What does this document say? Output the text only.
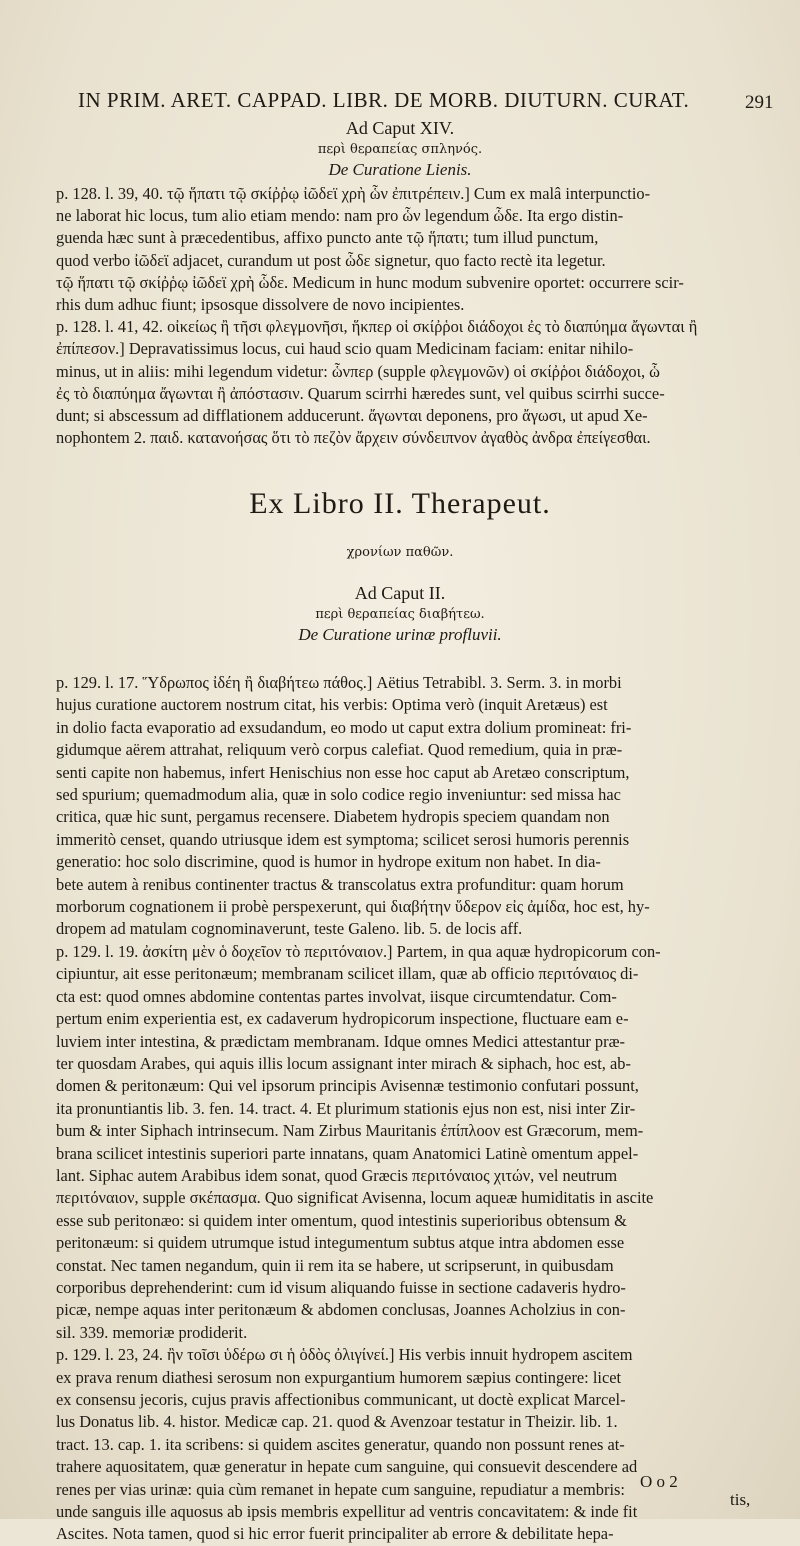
IN PRIM. ARET. CAPPAD. LIBR. DE MORB. DIUTURN. CURAT.	291
Ad Caput XIV.
περὶ θεραπείας σπληνός.
De Curatione Lienis.
p. 128. l. 39, 40. τῷ ἥπατι τῷ σκίῤῥῳ ἰῶδεϊ χρὴ ὧν ἐπιτρέπειν.] Cum ex malâ interpunctio-
ne laborat hic locus, tum alio etiam mendo: nam pro ὧν legendum ὧδε. Ita ergo distin-
guenda hæc sunt à præcedentibus, affixo puncto ante τῷ ἥπατι; tum illud punctum,
quod verbo ἰῶδεϊ adjacet, curandum ut post ὧδε signetur, quo facto rectè ita legetur.
τῷ ἥπατι τῷ σκίῤῥῳ ἰῶδεϊ χρὴ ὧδε. Medicum in hunc modum subvenire oportet: occurrere scir-
rhis dum adhuc fiunt; ipsosque dissolvere de novo incipientes.
p. 128. l. 41, 42. οἰκείως ἢ τῆσι φλεγμονῆσι, ἥκπερ οἱ σκίῤῥοι διάδοχοι ἐς τὸ διαπύημα ἄγωνται ἢ
ἐπίπεσον.] Depravatissimus locus, cui haud scio quam Medicinam faciam: enitar nihilo-
minus, ut in aliis: mihi legendum videtur: ὧνπερ (supple φλεγμονῶν) οἱ σκίῤῥοι διάδοχοι, ὧ
ἐς τὸ διαπύημα ἄγωνται ἢ ἀπόστασιν. Quarum scirrhi hæredes sunt, vel quibus scirrhi succe-
dunt; si abscessum ad difflationem adducerunt. ἄγωνται deponens, pro ἄγωσι, ut apud Xe-
nophontem 2. παιδ. κατανοήσας ὅτι τὸ πεζὸν ἄρχειν σύνδειπνον ἀγαθὸς ἀνδρα ἐπείγεσθαι.
Ex Libro II. Therapeut.
χρονίων παθῶν.
Ad Caput II.
περὶ θεραπείας διαβήτεω.
De Curatione urinæ profluvii.
p. 129. l. 17. Ὕδρωπος ἰδέη ἢ διαβήτεω πάθος.] Aëtius Tetrabibl. 3. Serm. 3. in morbi
hujus curatione auctorem nostrum citat, his verbis: Optima verò (inquit Aretæus) est
in dolio facta evaporatio ad exsudandum, eo modo ut caput extra dolium promineat: fri-
gidumque aërem attrahat, reliquum verò corpus calefiat. Quod remedium, quia in præ-
senti capite non habemus, infert Henischius non esse hoc caput ab Aretæo conscriptum,
sed spurium; quemadmodum alia, quæ in solo codice regio inveniuntur: sed missa hac
critica, quæ hic sunt, pergamus recensere. Diabetem hydropis speciem quandam non
immeritò censet, quando utriusque idem est symptoma; scilicet serosi humoris perennis
generatio: hoc solo discrimine, quod is humor in hydrope exitum non habet. In dia-
bete autem à renibus continenter tractus & transcolatus extra profunditur: quam horum
morborum cognationem ii probè perspexerunt, qui διαβήτην ὕδερον εἰς ἀμίδα, hoc est, hy-
dropem ad matulam cognominaverunt, teste Galeno. lib. 5. de locis aff.
p. 129. l. 19. ἀσκίτη μὲν ὁ δοχεῖον τὸ περιτόναιον.] Partem, in qua aquæ hydropicorum con-
cipiuntur, ait esse peritonæum; membranam scilicet illam, quæ ab officio περιτόναιος di-
cta est: quod omnes abdomine contentas partes involvat, iisque circumtendatur. Com-
pertum enim experientia est, ex cadaverum hydropicorum inspectione, fluctuare eam e-
luviem inter intestina, & prædictam membranam. Idque omnes Medici attestantur præ-
ter quosdam Arabes, qui aquis illis locum assignant inter mirach & siphach, hoc est, ab-
domen & peritonæum: Qui vel ipsorum principis Avisennæ testimonio confutari possunt,
ita pronuntiantis lib. 3. fen. 14. tract. 4. Et plurimum stationis ejus non est, nisi inter Zir-
bum & inter Siphach intrinsecum. Nam Zirbus Mauritanis ἐπίπλοον est Græcorum, mem-
brana scilicet intestinis superiori parte innatans, quam Anatomici Latinè omentum appel-
lant. Siphac autem Arabibus idem sonat, quod Græcis περιτόναιος χιτών, vel neutrum
περιτόναιον, supple σκέπασμα. Quo significat Avisenna, locum aqueæ humiditatis in ascite
esse sub peritonæo: si quidem inter omentum, quod intestinis superioribus obtensum &
peritonæum: si quidem utrumque istud integumentum subtus atque intra abdomen esse
constat. Nec tamen negandum, quin ii rem ita se habere, ut scripserunt, in quibusdam
corporibus deprehenderint: cum id visum aliquando fuisse in sectione cadaveris hydro-
picæ, nempe aquas inter peritonæum & abdomen conclusas, Joannes Acholzius in con-
sil. 339. memoriæ prodiderit.
p. 129. l. 23, 24. ἢν τοῖσι ὑδέρω σι ἡ ὁδὸς ὀλιγίνεί.] His verbis innuit hydropem ascitem
ex prava renum diathesi serosum non expurgantium humorem sæpius contingere: licet
ex consensu jecoris, cujus pravis affectionibus communicant, ut doctè explicat Marcel-
lus Donatus lib. 4. histor. Medicæ cap. 21. quod & Avenzoar testatur in Theizir. lib. 1.
tract. 13. cap. 1. ita scribens: si quidem ascites generatur, quando non possunt renes at-
trahere aquositatem, quæ generatur in hepate cum sanguine, qui consuevit descendere ad
renes per vias urinæ: quia cùm remanet in hepate cum sanguine, repudiatur a membris:
unde sanguis ille aquosus ab ipsis membris expellitur ad ventris concavitatem: & inde fit
Ascites. Nota tamen, quod si hic error fuerit principaliter ab errore & debilitate hepa-
O o 2
tis,
